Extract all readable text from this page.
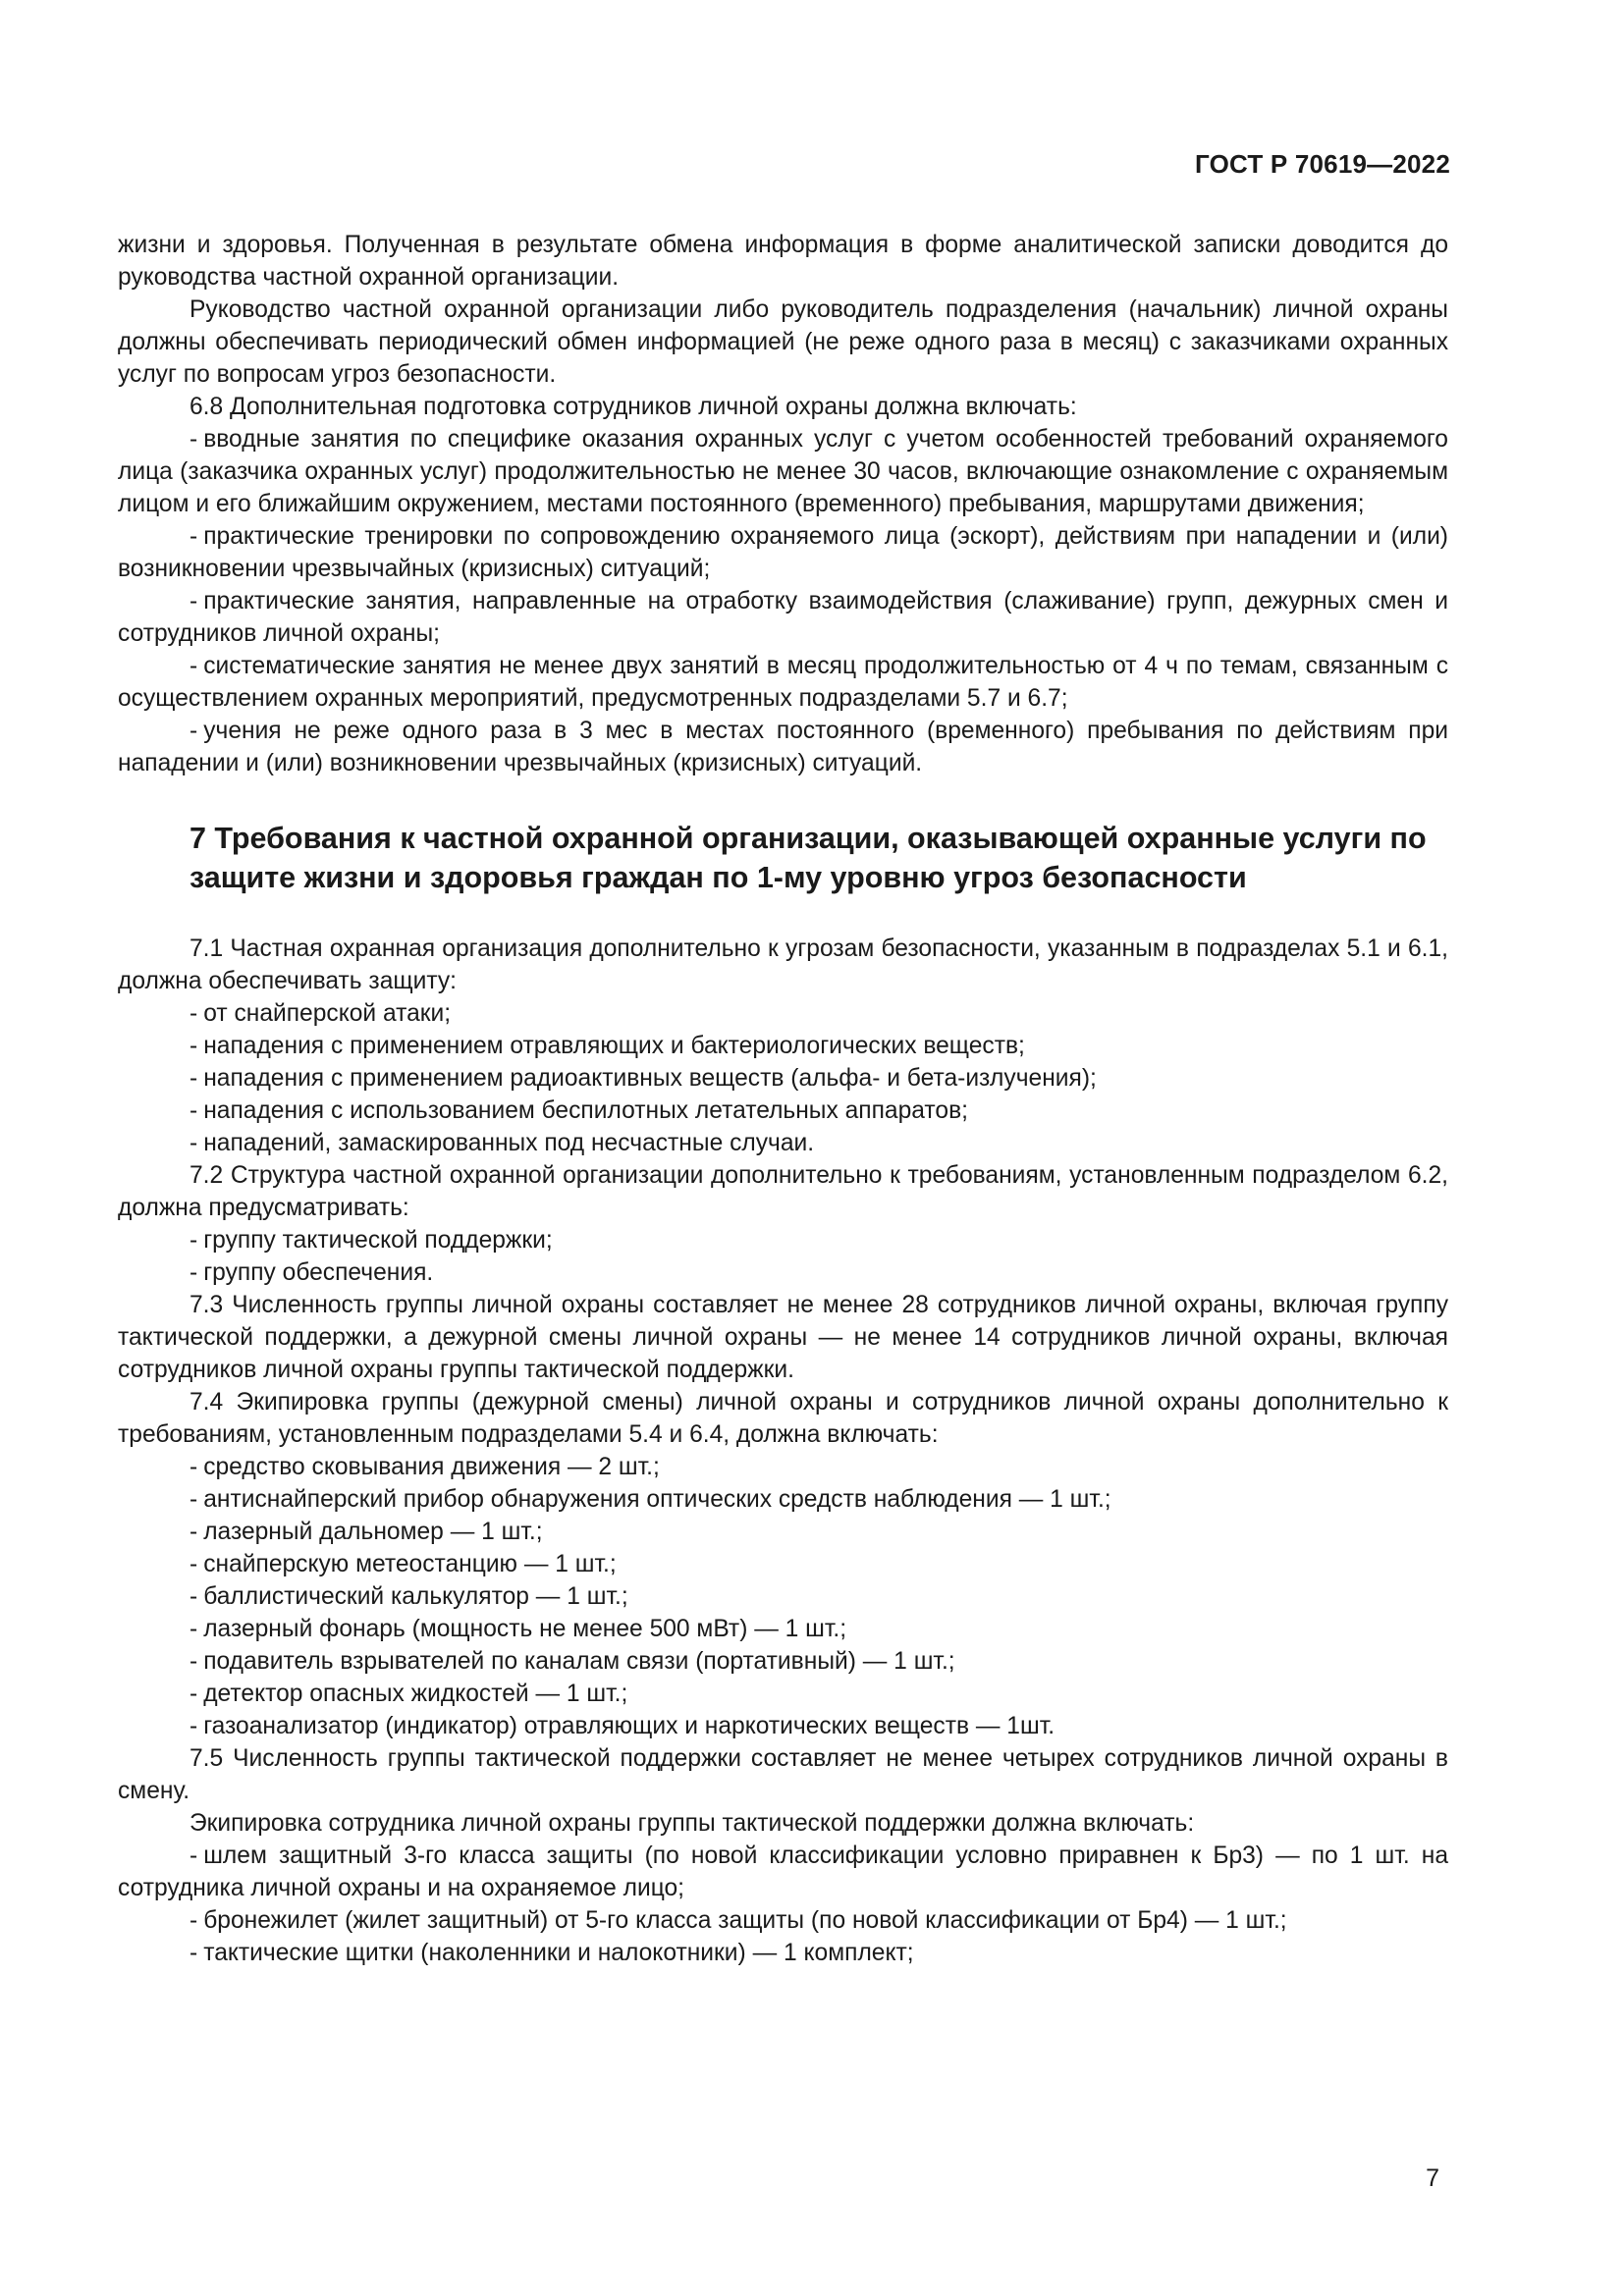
ГОСТ Р 70619—2022

жизни и здоровья. Полученная в результате обмена информация в форме аналитической записки доводится до руководства частной охранной организации.

Руководство частной охранной организации либо руководитель подразделения (начальник) личной охраны должны обеспечивать периодический обмен информацией (не реже одного раза в месяц) с заказчиками охранных услуг по вопросам угроз безопасности.

6.8 Дополнительная подготовка сотрудников личной охраны должна включать:

- вводные занятия по специфике оказания охранных услуг с учетом особенностей требований охраняемого лица (заказчика охранных услуг) продолжительностью не менее 30 часов, включающие ознакомление с охраняемым лицом и его ближайшим окружением, местами постоянного (временного) пребывания, маршрутами движения;

- практические тренировки по сопровождению охраняемого лица (эскорт), действиям при нападении и (или) возникновении чрезвычайных (кризисных) ситуаций;

- практические занятия, направленные на отработку взаимодействия (слаживание) групп, дежурных смен и сотрудников личной охраны;

- систематические занятия не менее двух занятий в месяц продолжительностью от 4 ч по темам, связанным с осуществлением охранных мероприятий, предусмотренных подразделами 5.7 и 6.7;

- учения не реже одного раза в 3 мес в местах постоянного (временного) пребывания по действиям при нападении и (или) возникновении чрезвычайных (кризисных) ситуаций.

7 Требования к частной охранной организации, оказывающей охранные услуги по защите жизни и здоровья граждан по 1-му уровню угроз безопасности

7.1 Частная охранная организация дополнительно к угрозам безопасности, указанным в подразделах 5.1 и 6.1, должна обеспечивать защиту:

- от снайперской атаки;

- нападения с применением отравляющих и бактериологических веществ;

- нападения с применением радиоактивных веществ (альфа- и бета-излучения);

- нападения с использованием беспилотных летательных аппаратов;

- нападений, замаскированных под несчастные случаи.

7.2 Структура частной охранной организации дополнительно к требованиям, установленным подразделом 6.2, должна предусматривать:

- группу тактической поддержки;

- группу обеспечения.

7.3 Численность группы личной охраны составляет не менее 28 сотрудников личной охраны, включая группу тактической поддержки, а дежурной смены личной охраны — не менее 14 сотрудников личной охраны, включая сотрудников личной охраны группы тактической поддержки.

7.4 Экипировка группы (дежурной смены) личной охраны и сотрудников личной охраны дополнительно к требованиям, установленным подразделами 5.4 и 6.4, должна включать:

- средство сковывания движения — 2 шт.;

- антиснайперский прибор обнаружения оптических средств наблюдения — 1 шт.;

- лазерный дальномер — 1 шт.;

- снайперскую метеостанцию — 1 шт.;

- баллистический калькулятор — 1 шт.;

- лазерный фонарь (мощность не менее 500 мВт) — 1 шт.;

- подавитель взрывателей по каналам связи (портативный) — 1 шт.;

- детектор опасных жидкостей — 1 шт.;

- газоанализатор (индикатор) отравляющих и наркотических веществ — 1шт.

7.5 Численность группы тактической поддержки составляет не менее четырех сотрудников личной охраны в смену.

Экипировка сотрудника личной охраны группы тактической поддержки должна включать:

- шлем защитный 3-го класса защиты (по новой классификации условно приравнен к Бр3) — по 1 шт. на сотрудника личной охраны и на охраняемое лицо;

- бронежилет (жилет защитный) от 5-го класса защиты (по новой классификации от Бр4) — 1 шт.;

- тактические щитки (наколенники и налокотники) — 1 комплект;

7
